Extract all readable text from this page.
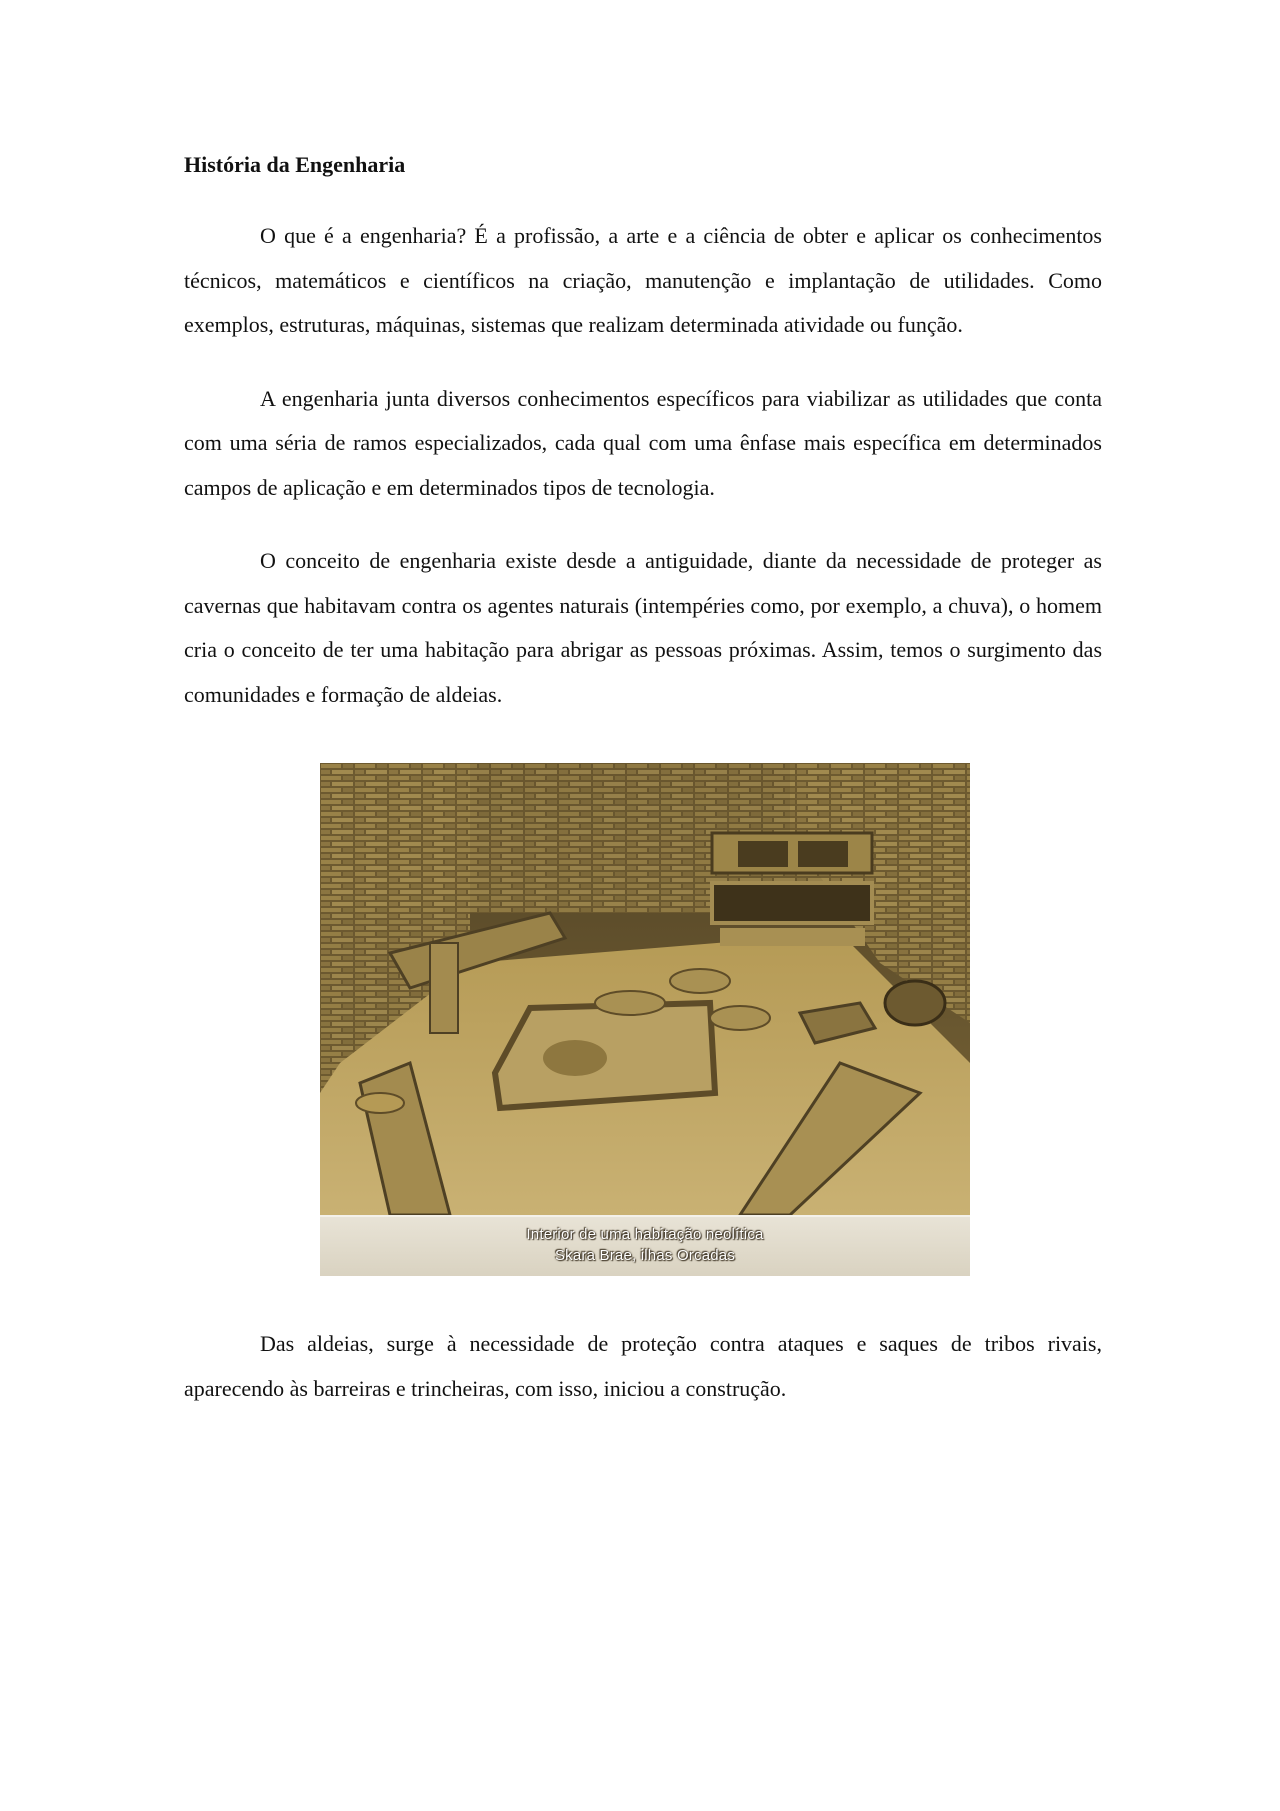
História da Engenharia

O que é a engenharia? É a profissão, a arte e a ciência de obter e aplicar os conhecimentos técnicos, matemáticos e científicos na criação, manutenção e implantação de utilidades. Como exemplos, estruturas, máquinas, sistemas que realizam determinada atividade ou função.

A engenharia junta diversos conhecimentos específicos para viabilizar as utilidades que conta com uma séria de ramos especializados, cada qual com uma ênfase mais específica em determinados campos de aplicação e em determinados tipos de tecnologia.

O conceito de engenharia existe desde a antiguidade, diante da necessidade de proteger as cavernas que habitavam contra os agentes naturais (intempéries como, por exemplo, a chuva), o homem cria o conceito de ter uma habitação para abrigar as pessoas próximas. Assim, temos o surgimento das comunidades e formação de aldeias.

Interior de uma habitação neolítica
Skara Brae, ilhas Orcadas

Das aldeias, surge à necessidade de proteção contra ataques e saques de tribos rivais, aparecendo às barreiras e trincheiras, com isso, iniciou a construção.
